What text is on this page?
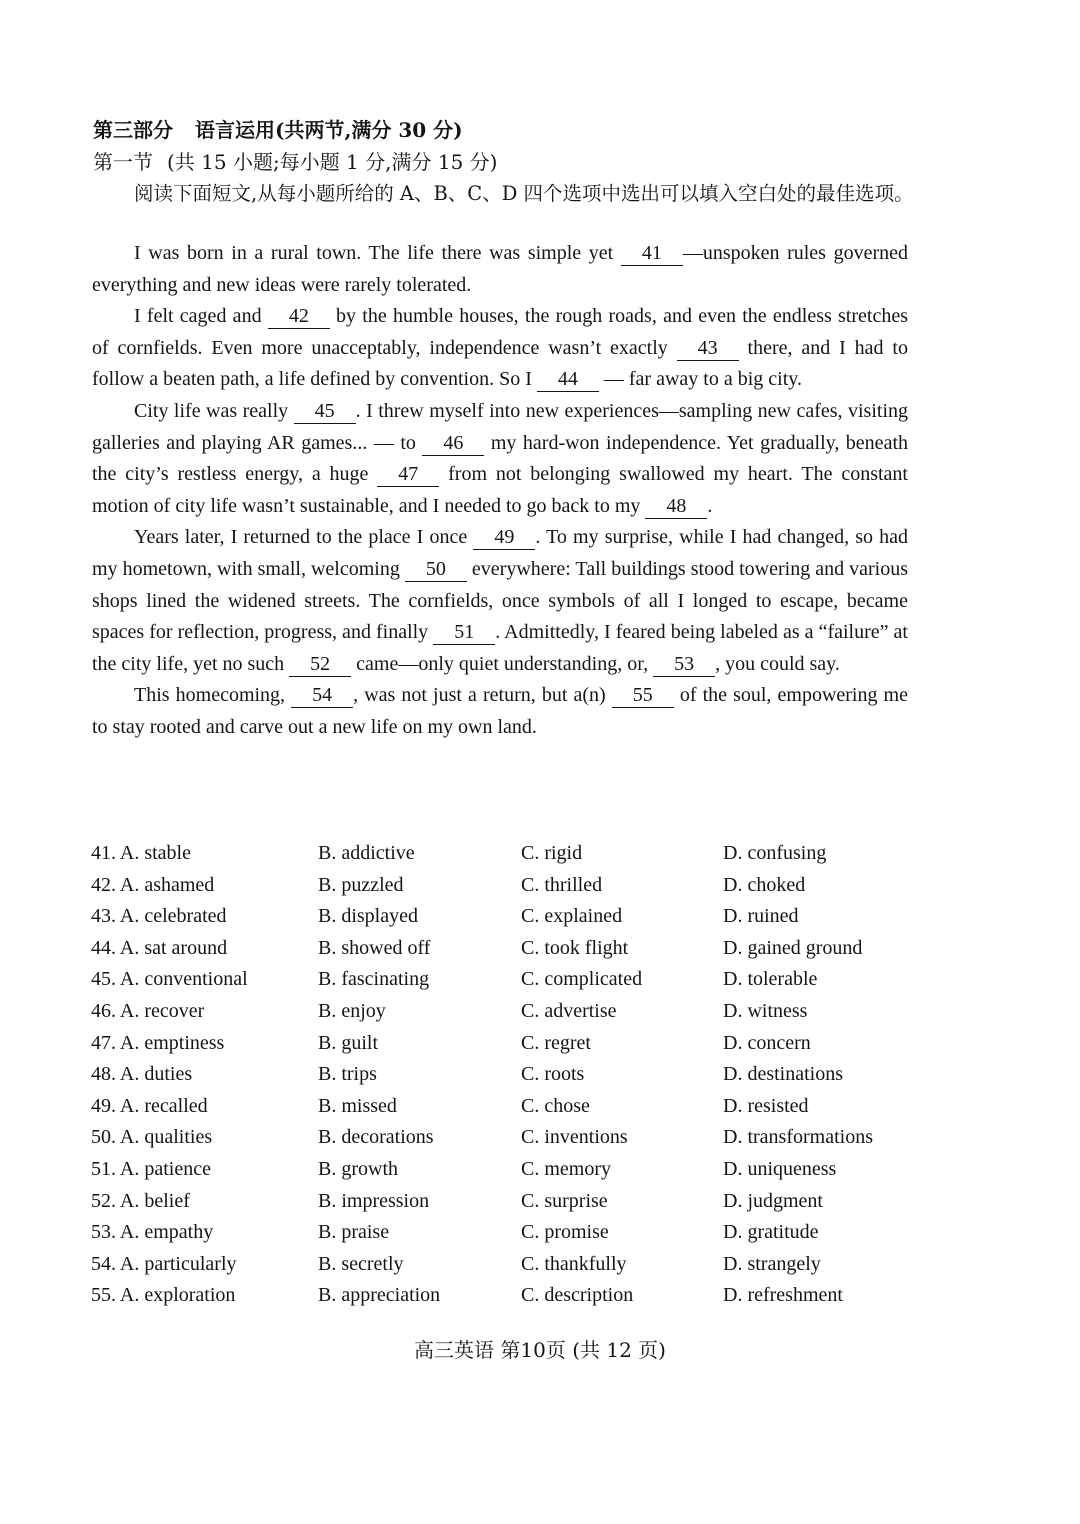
第三部分 语言运用(共两节,满分 30 分)
第一节 (共 15 小题;每小题 1 分,满分 15 分)
阅读下面短文,从每小题所给的 A、B、C、D 四个选项中选出可以填入空白处的最佳选项。

I was born in a rural town. The life there was simple yet 41 —unspoken rules governed everything and new ideas were rarely tolerated.

I felt caged and 42 by the humble houses, the rough roads, and even the endless stretches of cornfields. Even more unacceptably, independence wasn’t exactly 43 there, and I had to follow a beaten path, a life defined by convention. So I 44 — far away to a big city.

City life was really 45 . I threw myself into new experiences—sampling new cafes, visiting galleries and playing AR games... — to 46 my hard-won independence. Yet gradually, beneath the city’s restless energy, a huge 47 from not belonging swallowed my heart. The constant motion of city life wasn’t sustainable, and I needed to go back to my 48 .

Years later, I returned to the place I once 49 . To my surprise, while I had changed, so had my hometown, with small, welcoming 50 everywhere: Tall buildings stood towering and various shops lined the widened streets. The cornfields, once symbols of all I longed to escape, became spaces for reflection, progress, and finally 51 . Admittedly, I feared being labeled as a “failure” at the city life, yet no such 52 came—only quiet understanding, or, 53 , you could say.

This homecoming, 54 , was not just a return, but a(n) 55 of the soul, empowering me to stay rooted and carve out a new life on my own land.

41. A. stable	B. addictive	C. rigid	D. confusing
42. A. ashamed	B. puzzled	C. thrilled	D. choked
43. A. celebrated	B. displayed	C. explained	D. ruined
44. A. sat around	B. showed off	C. took flight	D. gained ground
45. A. conventional	B. fascinating	C. complicated	D. tolerable
46. A. recover	B. enjoy	C. advertise	D. witness
47. A. emptiness	B. guilt	C. regret	D. concern
48. A. duties	B. trips	C. roots	D. destinations
49. A. recalled	B. missed	C. chose	D. resisted
50. A. qualities	B. decorations	C. inventions	D. transformations
51. A. patience	B. growth	C. memory	D. uniqueness
52. A. belief	B. impression	C. surprise	D. judgment
53. A. empathy	B. praise	C. promise	D. gratitude
54. A. particularly	B. secretly	C. thankfully	D. strangely
55. A. exploration	B. appreciation	C. description	D. refreshment
高三英语 第10页 (共 12 页)
